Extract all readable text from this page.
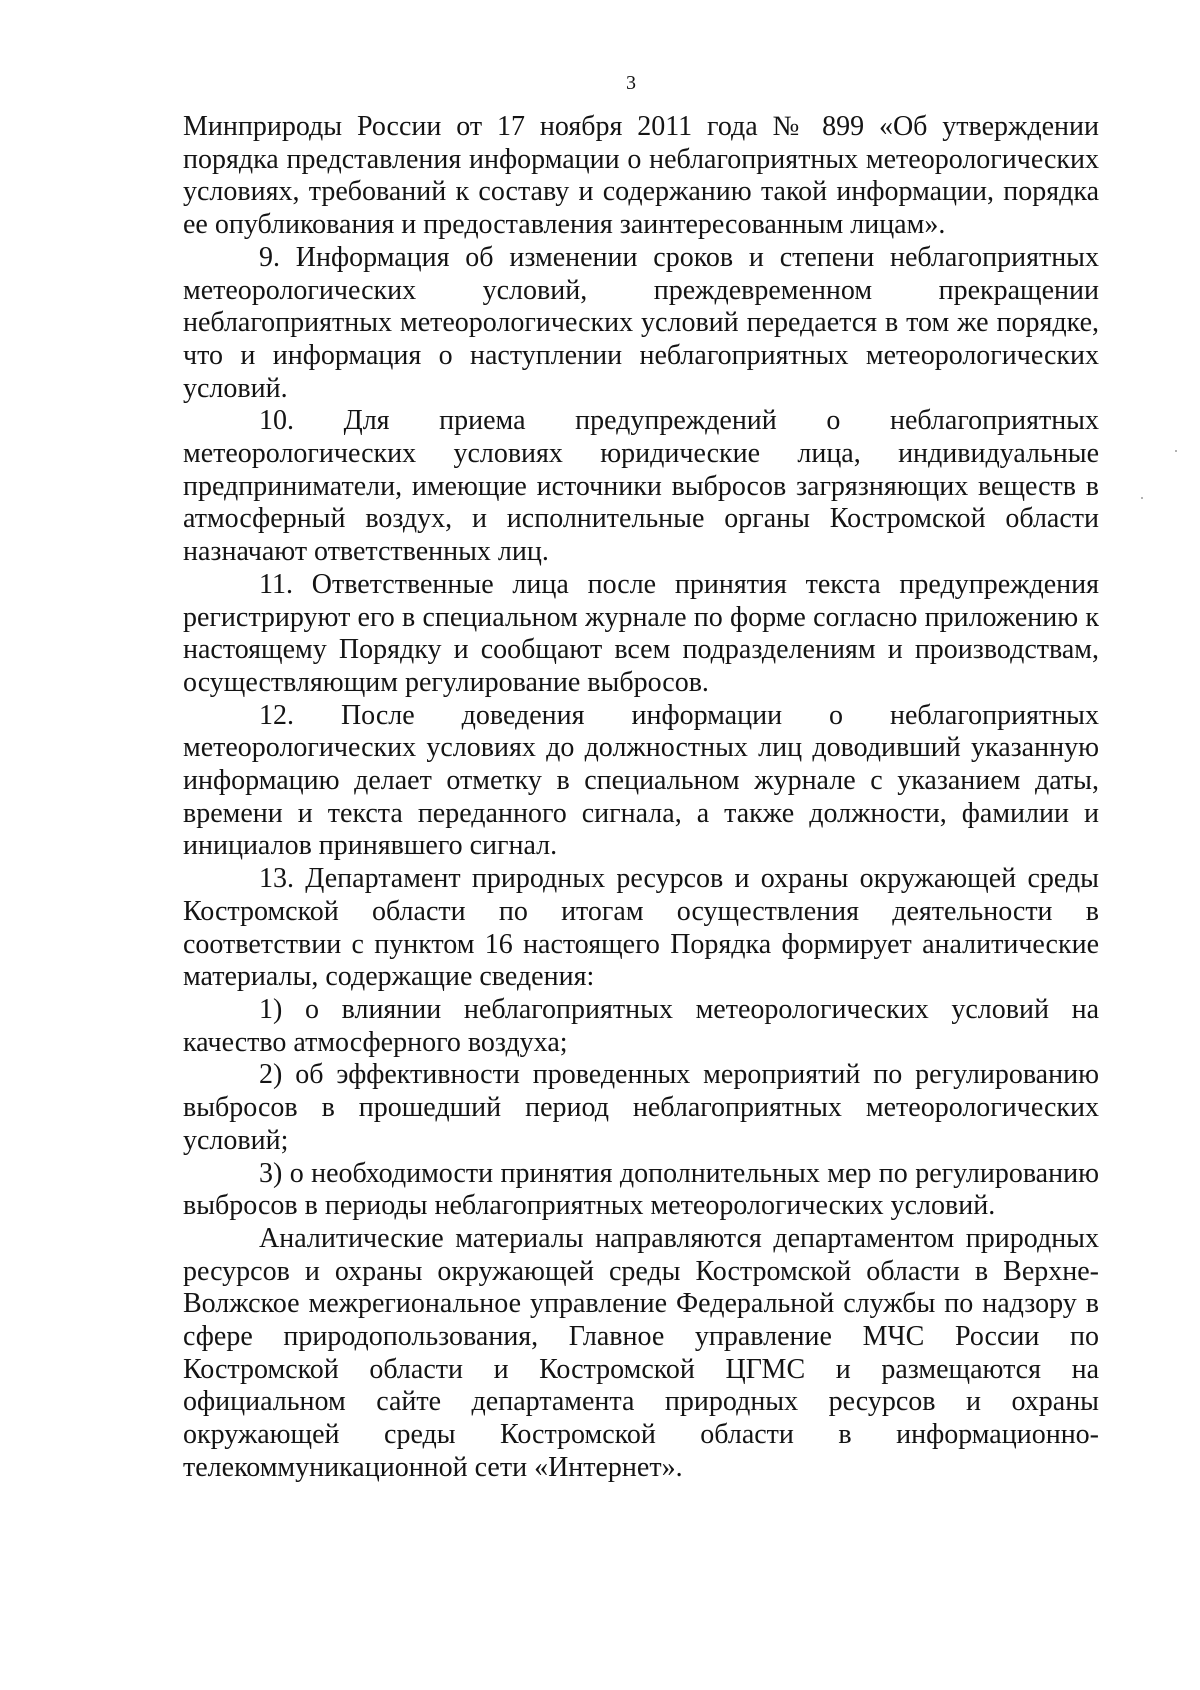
3

Минприроды России от 17 ноября 2011 года № 899 «Об утверждении порядка представления информации о неблагоприятных метеорологических условиях, требований к составу и содержанию такой информации, порядка ее опубликования и предоставления заинтересованным лицам».

9. Информация об изменении сроков и степени неблагоприятных метеорологических условий, преждевременном прекращении неблагоприятных метеорологических условий передается в том же порядке, что и информация о наступлении неблагоприятных метеорологических условий.

10. Для приема предупреждений о неблагоприятных метеорологических условиях юридические лица, индивидуальные предприниматели, имеющие источники выбросов загрязняющих веществ в атмосферный воздух, и исполнительные органы Костромской области назначают ответственных лиц.

11. Ответственные лица после принятия текста предупреждения регистрируют его в специальном журнале по форме согласно приложению к настоящему Порядку и сообщают всем подразделениям и производствам, осуществляющим регулирование выбросов.

12. После доведения информации о неблагоприятных метеорологических условиях до должностных лиц доводивший указанную информацию делает отметку в специальном журнале с указанием даты, времени и текста переданного сигнала, а также должности, фамилии и инициалов принявшего сигнал.

13. Департамент природных ресурсов и охраны окружающей среды Костромской области по итогам осуществления деятельности в соответствии с пунктом 16 настоящего Порядка формирует аналитические материалы, содержащие сведения:

1) о влиянии неблагоприятных метеорологических условий на качество атмосферного воздуха;

2) об эффективности проведенных мероприятий по регулированию выбросов в прошедший период неблагоприятных метеорологических условий;

3) о необходимости принятия дополнительных мер по регулированию выбросов в периоды неблагоприятных метеорологических условий.

Аналитические материалы направляются департаментом природных ресурсов и охраны окружающей среды Костромской области в Верхне-Волжское межрегиональное управление Федеральной службы по надзору в сфере природопользования, Главное управление МЧС России по Костромской области и Костромской ЦГМС и размещаются на официальном сайте департамента природных ресурсов и охраны окружающей среды Костромской области в информационно-телекоммуникационной сети «Интернет».
